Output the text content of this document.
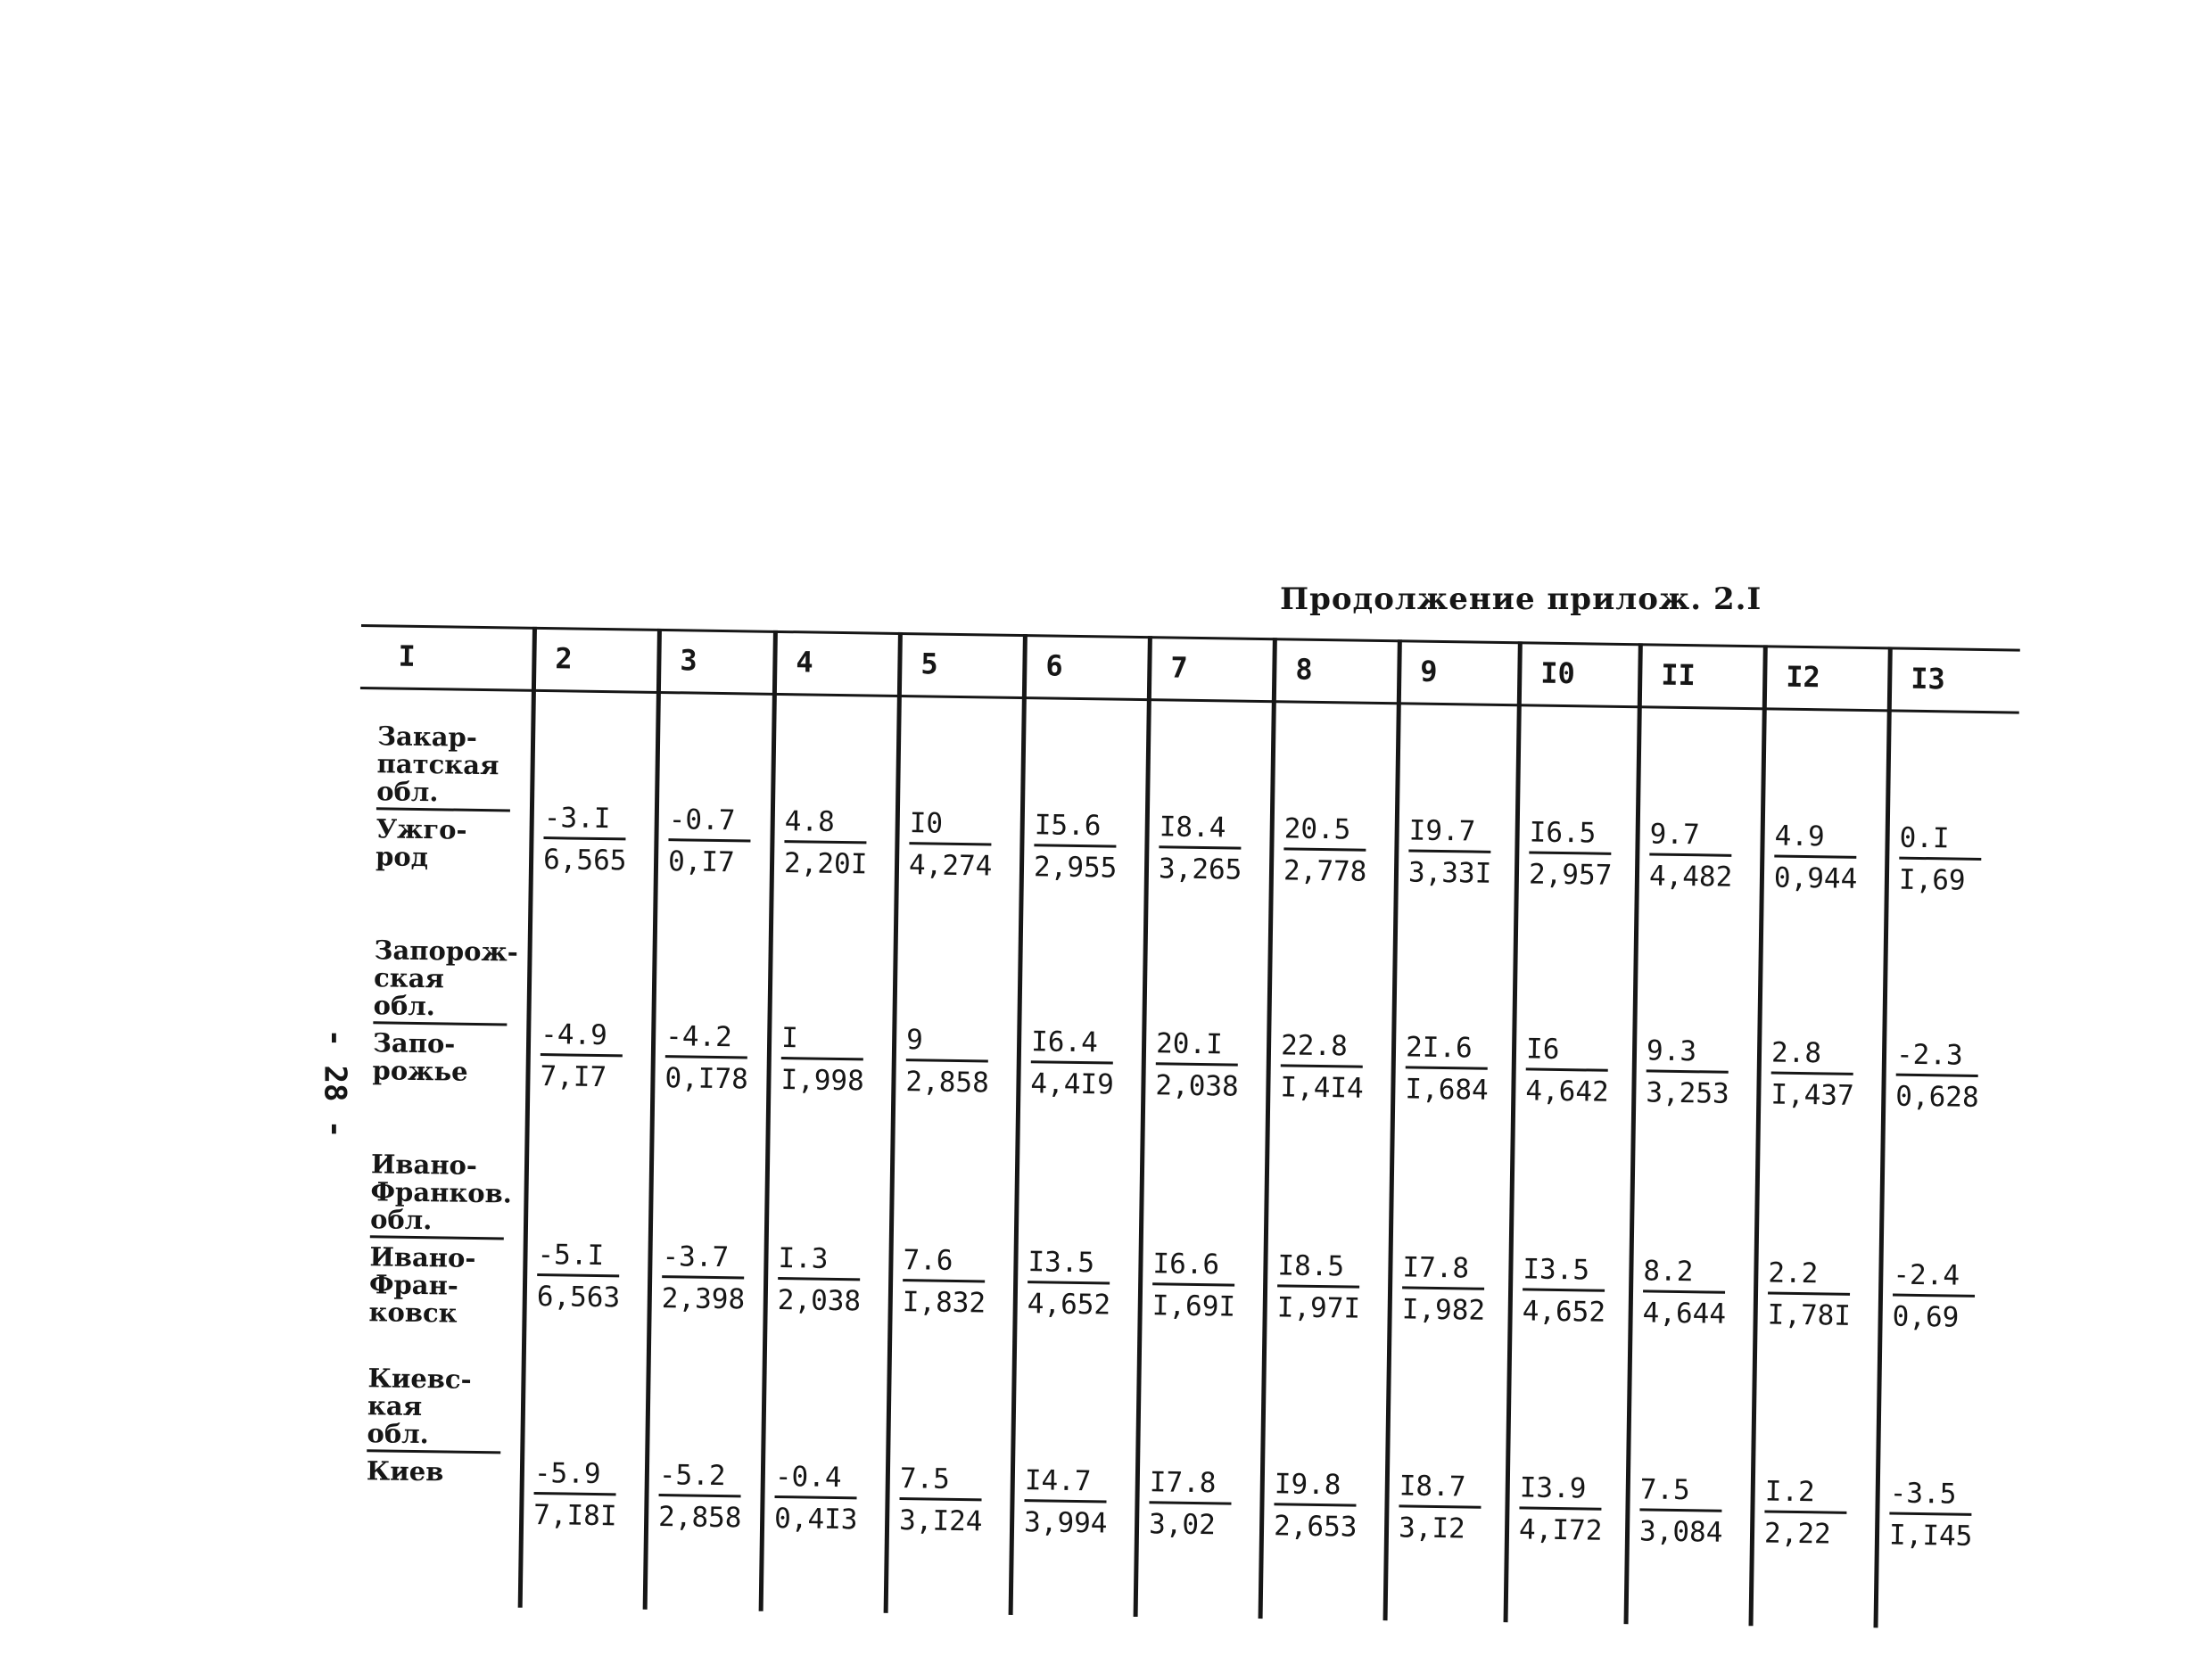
- 28 -
Продолжение прилож. 2.I
I	2	3	4	5	6	7	8	9	I0	II	I2	I3
Закар-
патская
обл.
Ужго-
род	$\frac{-3.I}{6,565} \frac{-0.7}{0,I7} \frac{4.8}{2,20I} \frac{I0}{4,274} \frac{I5.6}{2,955} \frac{I8.4}{3,265} \frac{20.5}{2,778} \frac{I9.7}{3,33I} \frac{I6.5}{2,957} \frac{9.7}{4,482} \frac{4.9}{0,944} \frac{0.I}{I,69}$
Запорож-
ская
обл.
Запо-
рожье	$\frac{-4.9}{7,I7} \frac{-4.2}{0,I78} \frac{I}{I,998} \frac{9}{2,858} \frac{I6.4}{4,4I9} \frac{20.I}{2,038} \frac{22.8}{I,4I4} \frac{2I.6}{I,684} \frac{I6}{4,642} \frac{9.3}{3,253} \frac{2.8}{I,437} \frac{-2.3}{0,628}$
Ивано-
Франков.
обл.
Ивано-
Фран-
ковск	$\frac{-5.I}{6,563} \frac{-3.7}{2,398} \frac{I.3}{2,038} \frac{7.6}{I,832} \frac{I3.5}{4,652} \frac{I6.6}{I,69I} \frac{I8.5}{I,97I} \frac{I7.8}{I,982} \frac{I3.5}{4,652} \frac{8.2}{4,644} \frac{2.2}{I,78I} \frac{-2.4}{0,69}$
Киевс-
кая
обл.
Киев	$\frac{-5.9}{7,I8I} \frac{-5.2}{2,858} \frac{-0.4}{0,4I3} \frac{7.5}{3,I24} \frac{I4.7}{3,994} \frac{I7.8}{3,02} \frac{I9.8}{2,653} \frac{I8.7}{3,I2} \frac{I3.9}{4,I72} \frac{7.5}{3,084} \frac{I.2}{2,22} \frac{-3.5}{I,I45}$
